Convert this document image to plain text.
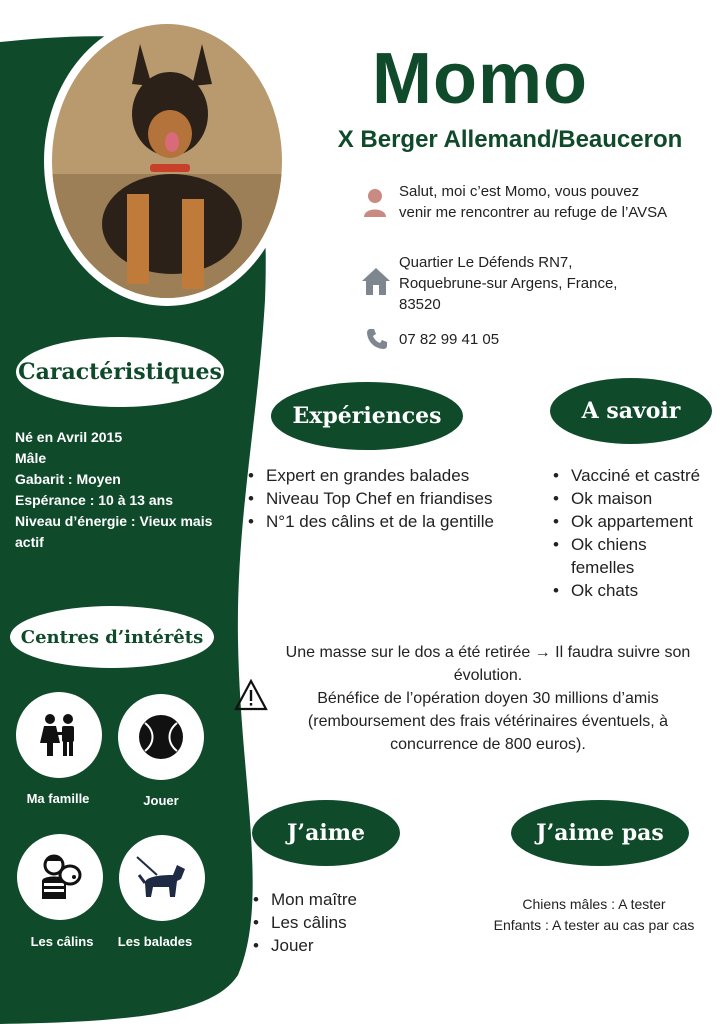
Momo
X Berger Allemand/Beauceron
Salut, moi c’est Momo, vous pouvez venir me rencontrer au refuge de l’AVSA
Quartier Le Défends RN7, Roquebrune-sur Argens, France, 83520
07 82 99 41 05
Caractéristiques
Né en Avril 2015
Mâle
Gabarit : Moyen
Espérance : 10 à 13 ans
Niveau d’énergie : Vieux mais actif
Expériences
• Expert en grandes balades
• Niveau Top Chef en friandises
• N°1 des câlins et de la gentille
A savoir
• Vacciné et castré
• Ok maison
• Ok appartement
• Ok chiens femelles
• Ok chats
Centres d’intérêts
Ma famille	Jouer
Les câlins	Les balades
Une masse sur le dos a été retirée → Il faudra suivre son évolution.
Bénéfice de l’opération doyen 30 millions d’amis (remboursement des frais vétérinaires éventuels, à concurrence de 800 euros).
J’aime
• Mon maître
• Les câlins
• Jouer
J’aime pas
Chiens mâles : A tester
Enfants : A tester au cas par cas
